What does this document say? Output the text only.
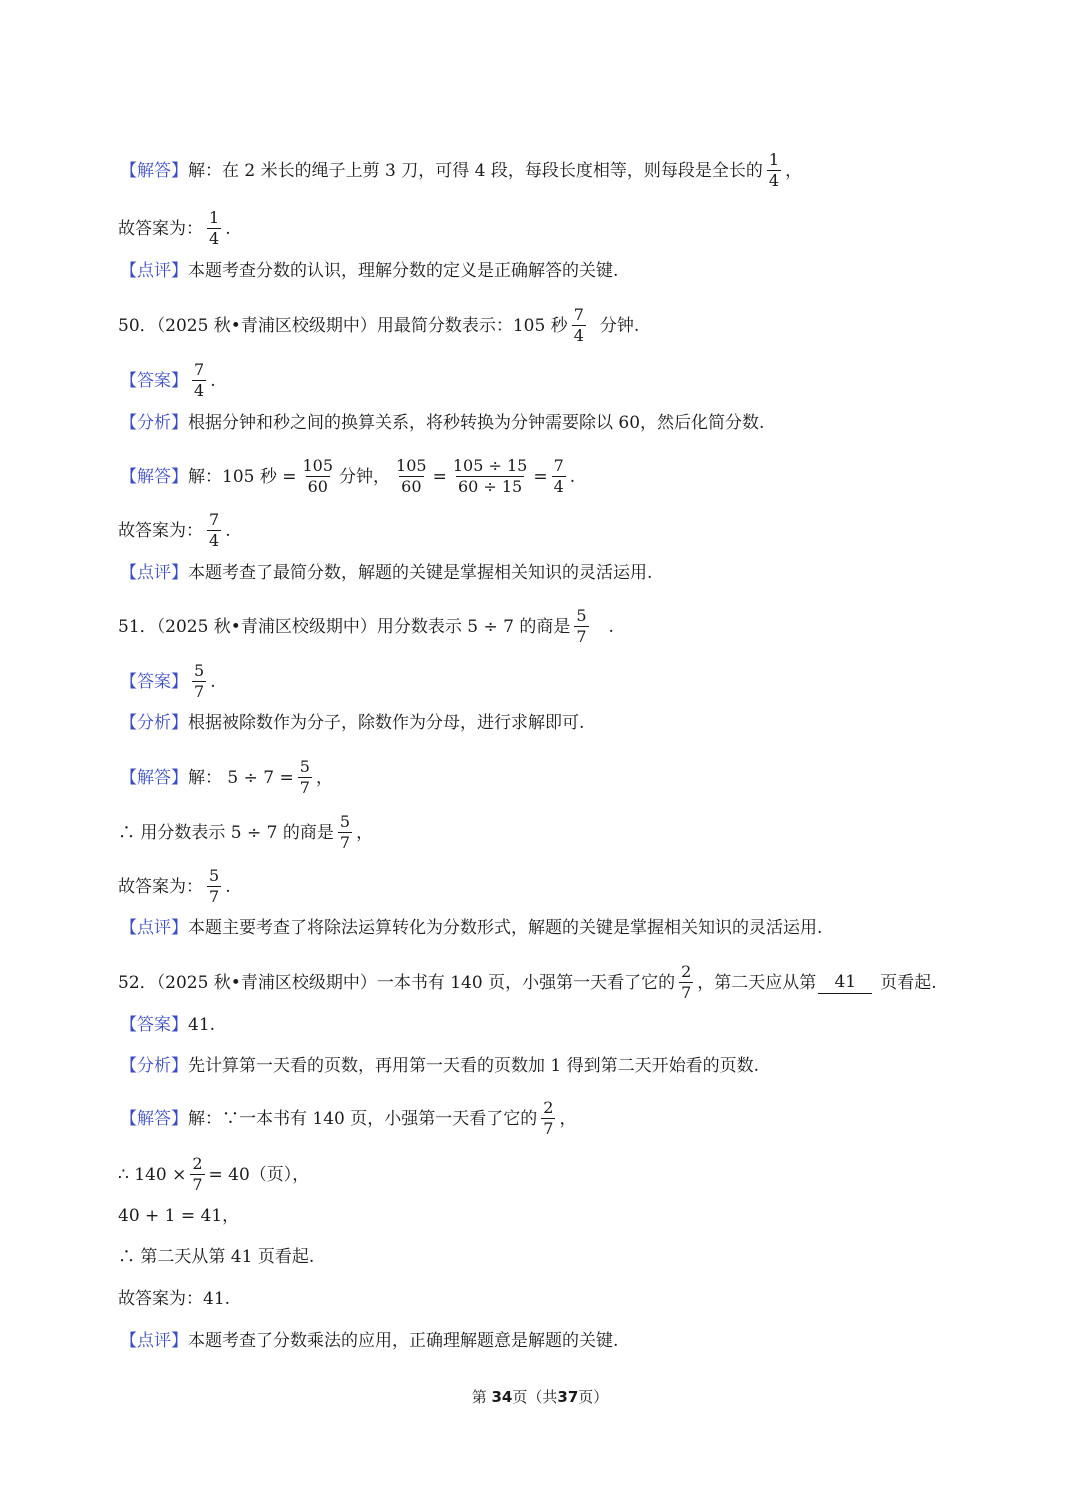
【解答】 解：在 2 米长的绳子上剪 3 刀，可得 4 段，每段长度相等，则每段是全长的 $\frac{1}{4}$ ，
故答案为： $\frac{1}{4}$ .
【点评】 本题考查分数的认识，理解分数的定义是正确解答的关键.
50．（2025 秋•青浦区校级期中）用最简分数表示：105 秒 $\frac{7}{4}$ 分钟.
【答案】 $\frac{7}{4}$ .
【分析】 根据分钟和秒之间的换算关系，将秒转换为分钟需要除以 60，然后化简分数.
【解答】 解：105 秒 = $\frac{105}{60}$ 分钟， $\frac{105}{60} = \frac{105 \div 15}{60 \div 15} = \frac{7}{4}$ .
故答案为： $\frac{7}{4}$ .
【点评】 本题考查了最简分数，解题的关键是掌握相关知识的灵活运用.
51．（2025 秋•青浦区校级期中）用分数表示 5 ÷ 7 的商是 $\frac{5}{7}$ .
【答案】 $\frac{5}{7}$ .
【分析】 根据被除数作为分子，除数作为分母，进行求解即可.
【解答】 解： $5 \div 7 = \frac{5}{7}$ ，
∴ 用分数表示 5 ÷ 7 的商是 $\frac{5}{7}$ ，
故答案为： $\frac{5}{7}$ .
【点评】 本题主要考查了将除法运算转化为分数形式，解题的关键是掌握相关知识的灵活运用.
52．（2025 秋•青浦区校级期中）一本书有 140 页，小强第一天看了它的 $\frac{2}{7}$ ，第二天应从第	41	页看起.
【答案】 41.
【分析】 先计算第一天看的页数，再用第一天看的页数加 1 得到第二天开始看的页数.
【解答】 解：∵一本书有 140 页，小强第一天看了它的 $\frac{2}{7}$ ，
∴ $140 \times \frac{2}{7} = 40$（页），
40 + 1 = 41，
∴ 第二天从第 41 页看起.
故答案为：41.
【点评】 本题考查了分数乘法的应用，正确理解题意是解题的关键.
第 34页（共37页）
